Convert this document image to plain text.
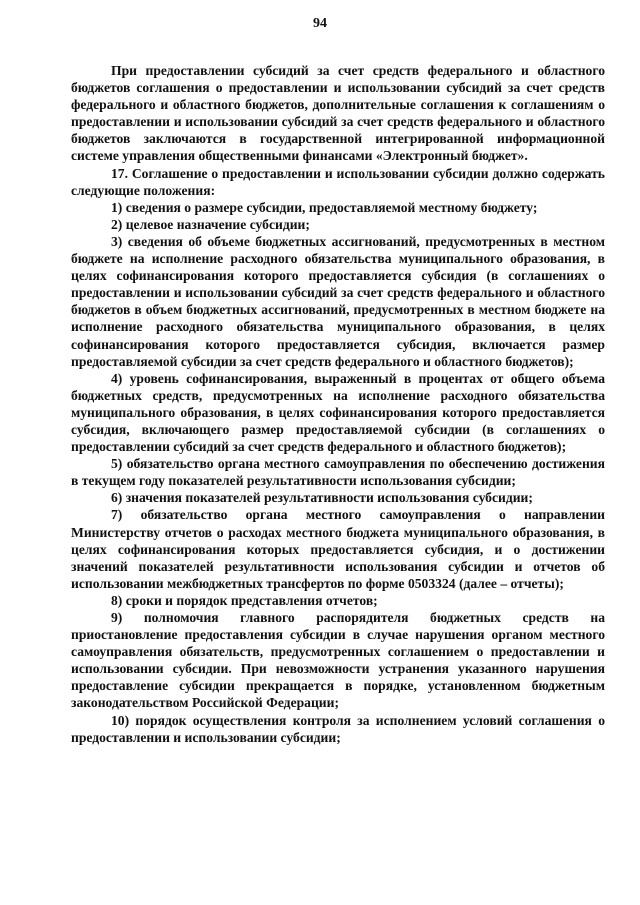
94

При предоставлении субсидий за счет средств федерального и областного бюджетов соглашения о предоставлении и использовании субсидий за счет средств федерального и областного бюджетов, дополнительные соглашения к соглашениям о предоставлении и использовании субсидий за счет средств федерального и областного бюджетов заключаются в государственной интегрированной информационной системе управления общественными финансами «Электронный бюджет».

17. Соглашение о предоставлении и использовании субсидии должно содержать следующие положения:

1) сведения о размере субсидии, предоставляемой местному бюджету;

2) целевое назначение субсидии;

3) сведения об объеме бюджетных ассигнований, предусмотренных в местном бюджете на исполнение расходного обязательства муниципального образования, в целях софинансирования которого предоставляется субсидия (в соглашениях о предоставлении и использовании субсидий за счет средств федерального и областного бюджетов в объем бюджетных ассигнований, предусмотренных в местном бюджете на исполнение расходного обязательства муниципального образования, в целях софинансирования которого предоставляется субсидия, включается размер предоставляемой субсидии за счет средств федерального и областного бюджетов);

4) уровень софинансирования, выраженный в процентах от общего объема бюджетных средств, предусмотренных на исполнение расходного обязательства муниципального образования, в целях софинансирования которого предоставляется субсидия, включающего размер предоставляемой субсидии (в соглашениях о предоставлении субсидий за счет средств федерального и областного бюджетов);

5) обязательство органа местного самоуправления по обеспечению достижения в текущем году показателей результативности использования субсидии;

6) значения показателей результативности использования субсидии;

7) обязательство органа местного самоуправления о направлении Министерству отчетов о расходах местного бюджета муниципального образования, в целях софинансирования которых предоставляется субсидия, и о достижении значений показателей результативности использования субсидии и отчетов об использовании межбюджетных трансфертов по форме 0503324 (далее – отчеты);

8) сроки и порядок представления отчетов;

9) полномочия главного распорядителя бюджетных средств на приостановление предоставления субсидии в случае нарушения органом местного самоуправления обязательств, предусмотренных соглашением о предоставлении и использовании субсидии. При невозможности устранения указанного нарушения предоставление субсидии прекращается в порядке, установленном бюджетным законодательством Российской Федерации;

10) порядок осуществления контроля за исполнением условий соглашения о предоставлении и использовании субсидии;
